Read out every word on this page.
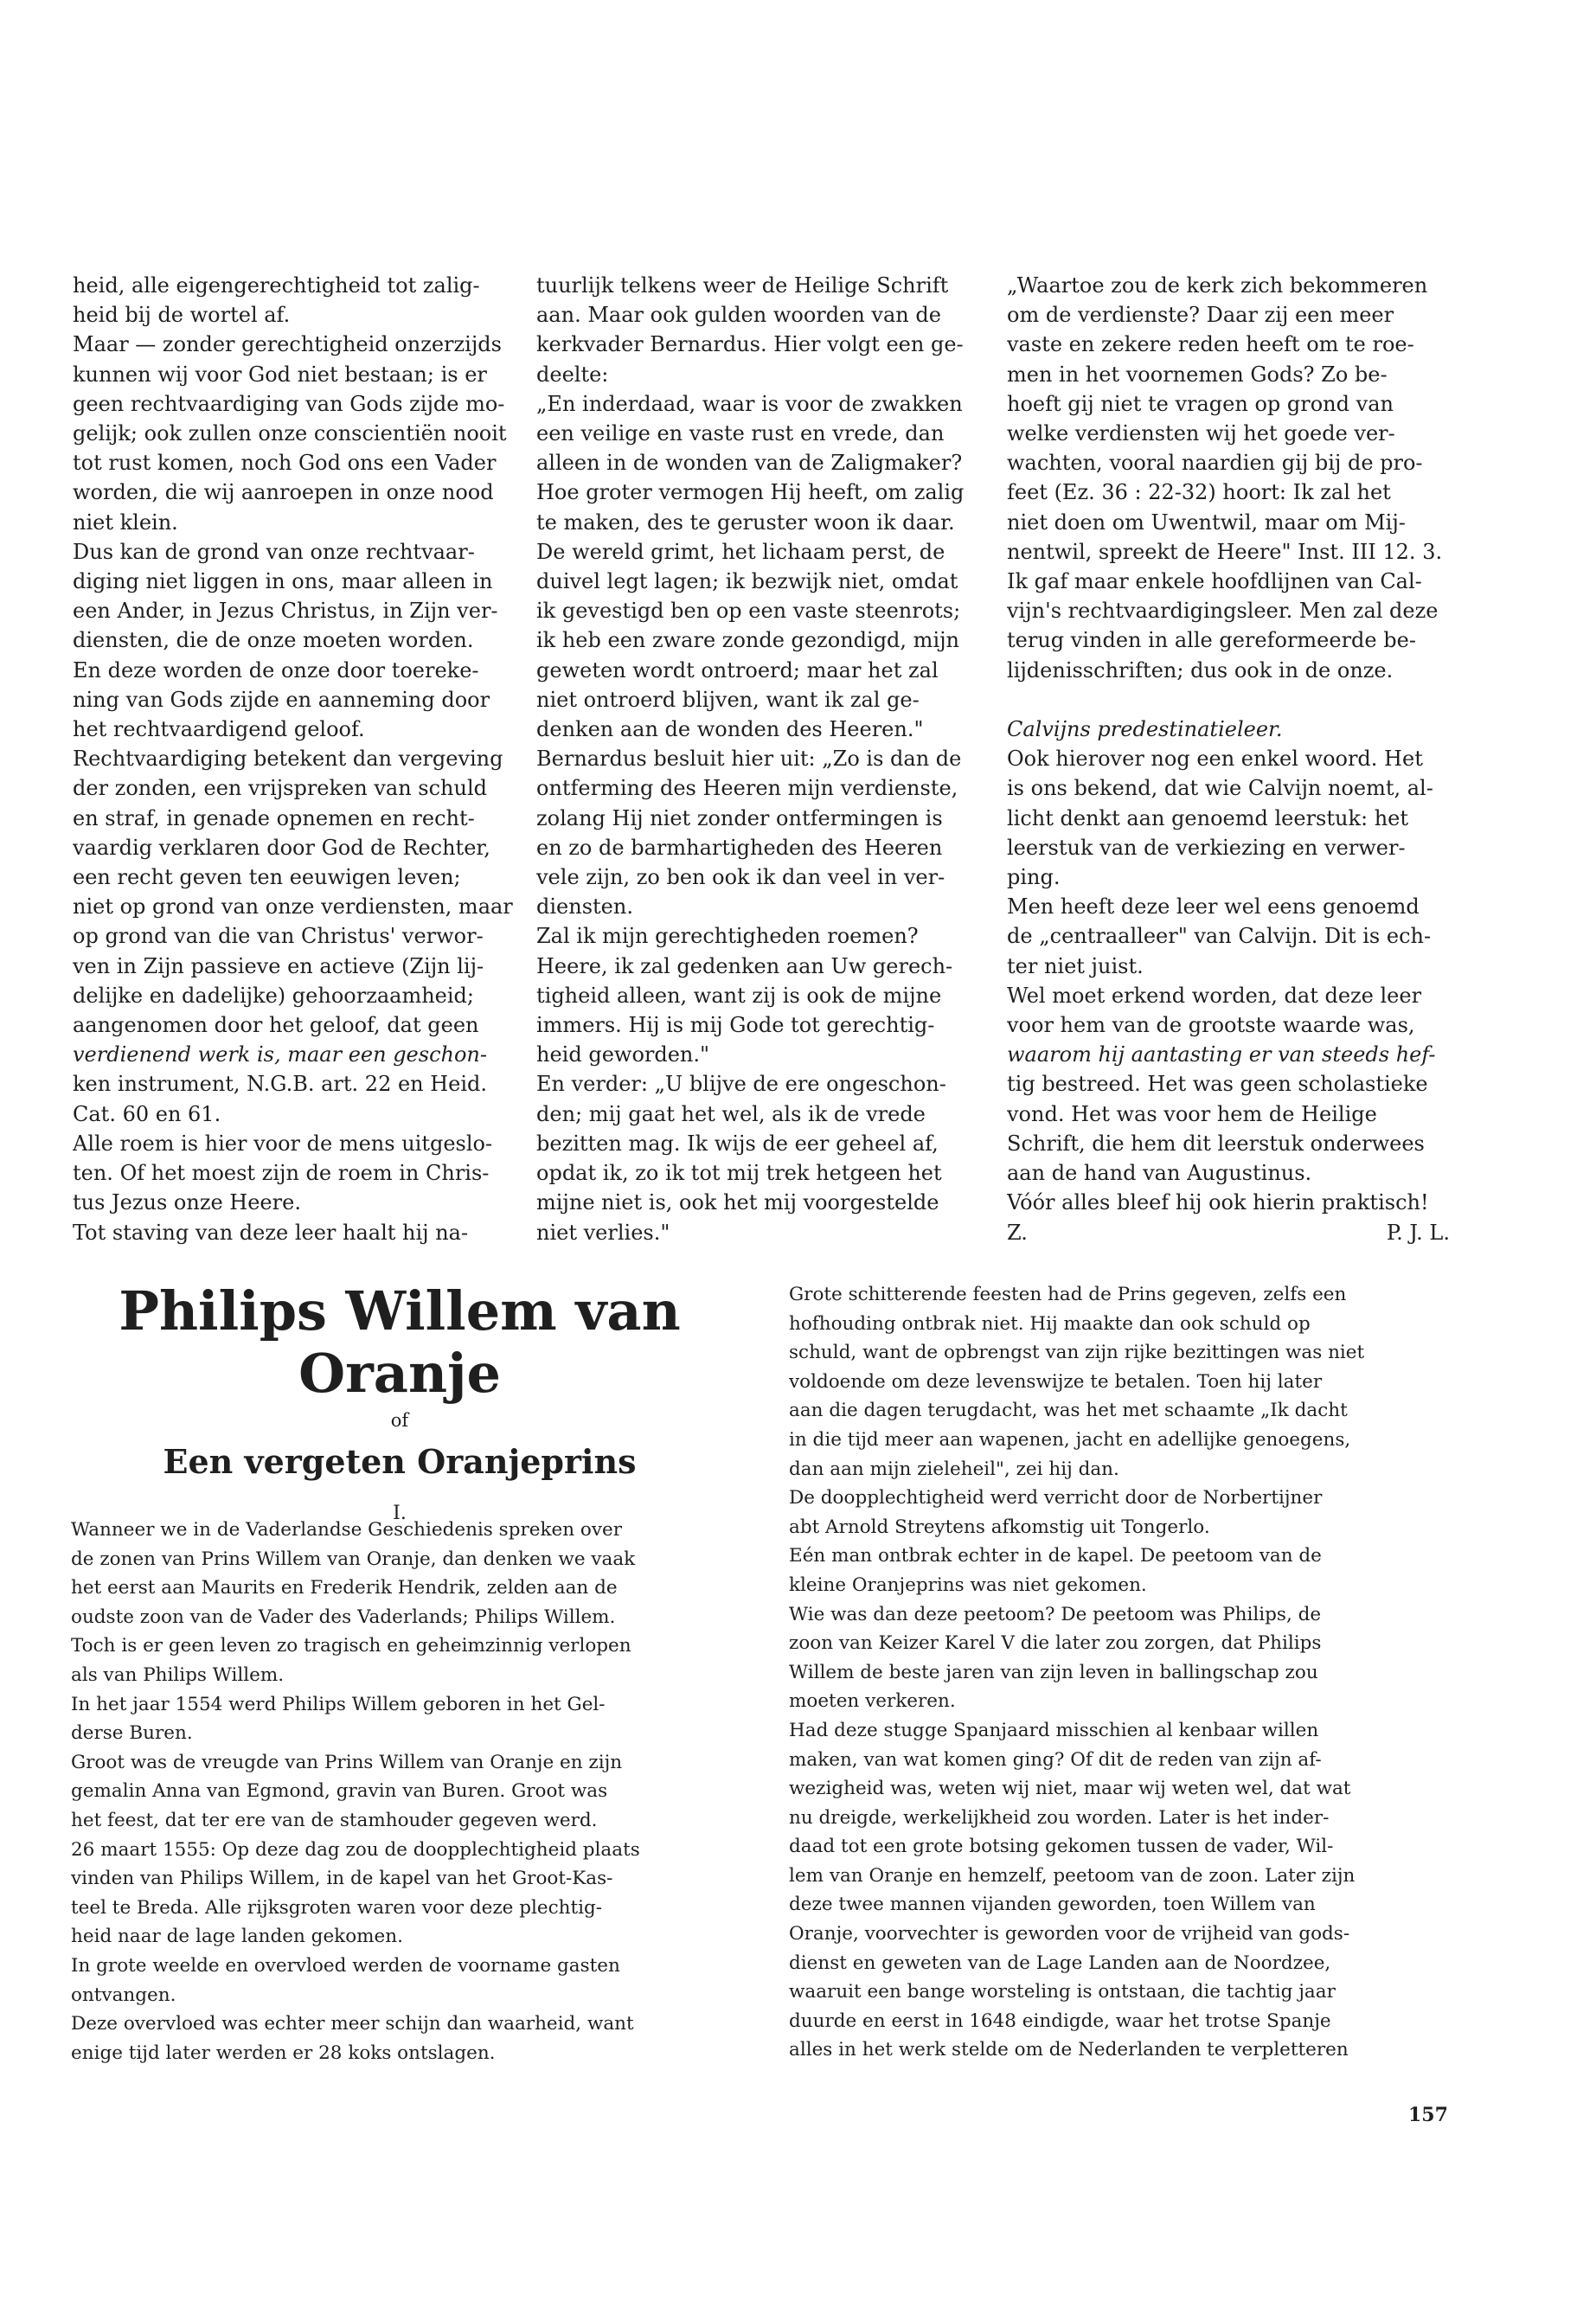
heid, alle eigengerechtigheid tot zalig-
heid bij de wortel af.
Maar — zonder gerechtigheid onzerzijds
kunnen wij voor God niet bestaan; is er
geen rechtvaardiging van Gods zijde mo-
gelijk; ook zullen onze conscientiën nooit
tot rust komen, noch God ons een Vader
worden, die wij aanroepen in onze nood
niet klein.
Dus kan de grond van onze rechtvaar-
diging niet liggen in ons, maar alleen in
een Ander, in Jezus Christus, in Zijn ver-
diensten, die de onze moeten worden.
En deze worden de onze door toereke-
ning van Gods zijde en aanneming door
het rechtvaardigend geloof.
Rechtvaardiging betekent dan vergeving
der zonden, een vrijspreken van schuld
en straf, in genade opnemen en recht-
vaardig verklaren door God de Rechter,
een recht geven ten eeuwigen leven;
niet op grond van onze verdiensten, maar
op grond van die van Christus' verwor-
ven in Zijn passieve en actieve (Zijn lij-
delijke en dadelijke) gehoorzaamheid;
aangenomen door het geloof, dat geen
verdienend werk is, maar een geschon-
ken instrument, N.G.B. art. 22 en Heid.
Cat. 60 en 61.
Alle roem is hier voor de mens uitgeslo-
ten. Of het moest zijn de roem in Chris-
tus Jezus onze Heere.
Tot staving van deze leer haalt hij na-
tuurlijk telkens weer de Heilige Schrift
aan. Maar ook gulden woorden van de
kerkvader Bernardus. Hier volgt een ge-
deelte:
„En inderdaad, waar is voor de zwakken
een veilige en vaste rust en vrede, dan
alleen in de wonden van de Zaligmaker?
Hoe groter vermogen Hij heeft, om zalig
te maken, des te geruster woon ik daar.
De wereld grimt, het lichaam perst, de
duivel legt lagen; ik bezwijk niet, omdat
ik gevestigd ben op een vaste steenrots;
ik heb een zware zonde gezondigd, mijn
geweten wordt ontroerd; maar het zal
niet ontroerd blijven, want ik zal ge-
denken aan de wonden des Heeren."
Bernardus besluit hier uit: „Zo is dan de
ontferming des Heeren mijn verdienste,
zolang Hij niet zonder ontfermingen is
en zo de barmhartigheden des Heeren
vele zijn, zo ben ook ik dan veel in ver-
diensten.
Zal ik mijn gerechtigheden roemen?
Heere, ik zal gedenken aan Uw gerech-
tigheid alleen, want zij is ook de mijne
immers. Hij is mij Gode tot gerechtig-
heid geworden."
En verder: „U blijve de ere ongeschon-
den; mij gaat het wel, als ik de vrede
bezitten mag. Ik wijs de eer geheel af,
opdat ik, zo ik tot mij trek hetgeen het
mijne niet is, ook het mij voorgestelde
niet verlies."
„Waartoe zou de kerk zich bekommeren
om de verdienste? Daar zij een meer
vaste en zekere reden heeft om te roe-
men in het voornemen Gods? Zo be-
hoeft gij niet te vragen op grond van
welke verdiensten wij het goede ver-
wachten, vooral naardien gij bij de pro-
feet (Ez. 36 : 22-32) hoort: Ik zal het
niet doen om Uwentwil, maar om Mij-
nentwil, spreekt de Heere" Inst. III 12. 3.
Ik gaf maar enkele hoofdlijnen van Cal-
vijn's rechtvaardigingsleer. Men zal deze
terug vinden in alle gereformeerde be-
lijdenisschriften; dus ook in de onze.

Calvijns predestinatieleer.
Ook hierover nog een enkel woord. Het
is ons bekend, dat wie Calvijn noemt, al-
licht denkt aan genoemd leerstuk: het
leerstuk van de verkiezing en verwer-
ping.
Men heeft deze leer wel eens genoemd
de „centraalleer" van Calvijn. Dit is ech-
ter niet juist.
Wel moet erkend worden, dat deze leer
voor hem van de grootste waarde was,
waarom hij aantasting er van steeds hef-
tig bestreed. Het was geen scholastieke
vond. Het was voor hem de Heilige
Schrift, die hem dit leerstuk onderwees
aan de hand van Augustinus.
Vóór alles bleef hij ook hierin praktisch!
Z.	P. J. L.
Philips Willem van Oranje
of
Een vergeten Oranjeprins
I.
Wanneer we in de Vaderlandse Geschiedenis spreken over
de zonen van Prins Willem van Oranje, dan denken we vaak
het eerst aan Maurits en Frederik Hendrik, zelden aan de
oudste zoon van de Vader des Vaderlands; Philips Willem.
Toch is er geen leven zo tragisch en geheimzinnig verlopen
als van Philips Willem.
In het jaar 1554 werd Philips Willem geboren in het Gel-
derse Buren.
Groot was de vreugde van Prins Willem van Oranje en zijn
gemalin Anna van Egmond, gravin van Buren. Groot was
het feest, dat ter ere van de stamhouder gegeven werd.
26 maart 1555: Op deze dag zou de doopplechtigheid plaats
vinden van Philips Willem, in de kapel van het Groot-Kas-
teel te Breda. Alle rijksgroten waren voor deze plechtig-
heid naar de lage landen gekomen.
In grote weelde en overvloed werden de voorname gasten
ontvangen.
Deze overvloed was echter meer schijn dan waarheid, want
enige tijd later werden er 28 koks ontslagen.
Grote schitterende feesten had de Prins gegeven, zelfs een
hofhouding ontbrak niet. Hij maakte dan ook schuld op
schuld, want de opbrengst van zijn rijke bezittingen was niet
voldoende om deze levenswijze te betalen. Toen hij later
aan die dagen terugdacht, was het met schaamte „Ik dacht
in die tijd meer aan wapenen, jacht en adellijke genoegens,
dan aan mijn zieleheil", zei hij dan.
De doopplechtigheid werd verricht door de Norbertijner
abt Arnold Streytens afkomstig uit Tongerlo.
Eén man ontbrak echter in de kapel. De peetoom van de
kleine Oranjeprins was niet gekomen.
Wie was dan deze peetoom? De peetoom was Philips, de
zoon van Keizer Karel V die later zou zorgen, dat Philips
Willem de beste jaren van zijn leven in ballingschap zou
moeten verkeren.
Had deze stugge Spanjaard misschien al kenbaar willen
maken, van wat komen ging? Of dit de reden van zijn af-
wezigheid was, weten wij niet, maar wij weten wel, dat wat
nu dreigde, werkelijkheid zou worden. Later is het inder-
daad tot een grote botsing gekomen tussen de vader, Wil-
lem van Oranje en hemzelf, peetoom van de zoon. Later zijn
deze twee mannen vijanden geworden, toen Willem van
Oranje, voorvechter is geworden voor de vrijheid van gods-
dienst en geweten van de Lage Landen aan de Noordzee,
waaruit een bange worsteling is ontstaan, die tachtig jaar
duurde en eerst in 1648 eindigde, waar het trotse Spanje
alles in het werk stelde om de Nederlanden te verpletteren
157
